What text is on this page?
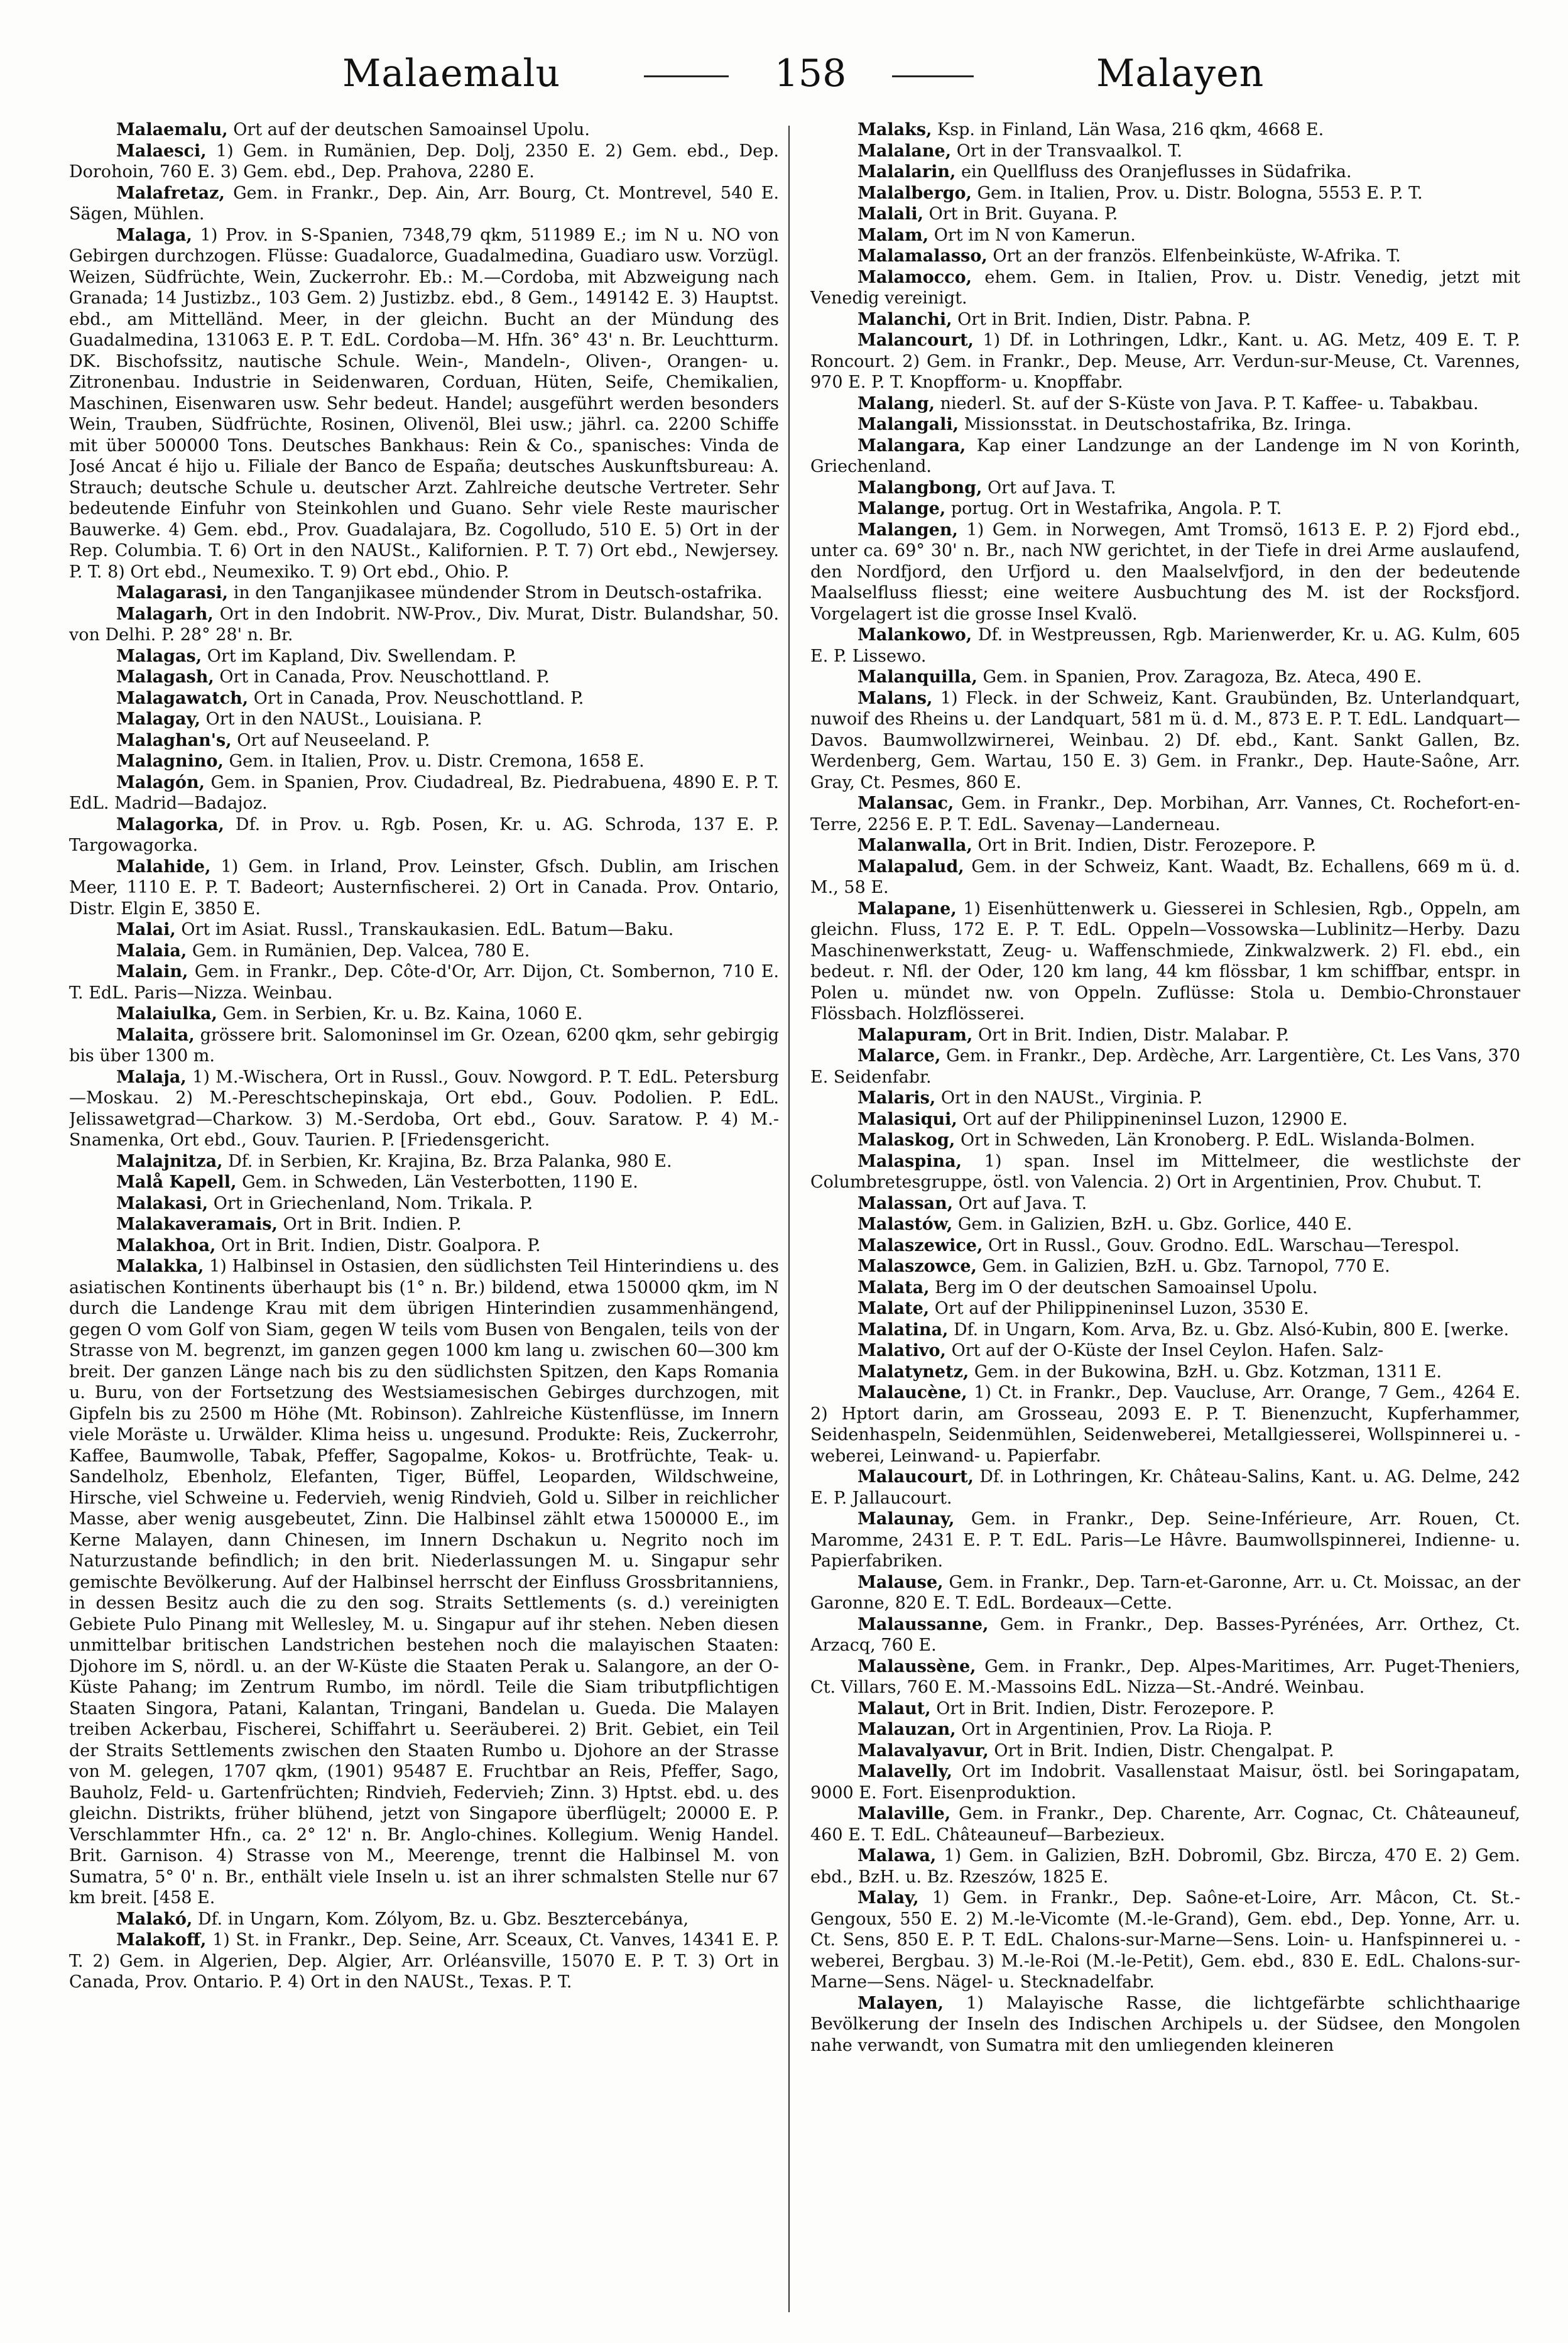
Malaemalu	158	Malayen

Malaemalu, Ort auf der deutschen Samoainsel Upolu.

Malaesci, 1) Gem. in Rumänien, Dep. Dolj, 2350 E. 2) Gem. ebd., Dep. Dorohoin, 760 E. 3) Gem. ebd., Dep. Prahova, 2280 E.

Malafretaz, Gem. in Frankr., Dep. Ain, Arr. Bourg, Ct. Montrevel, 540 E. Sägen, Mühlen.

Malaga, 1) Prov. in S-Spanien, 7348,79 qkm, 511989 E.; im N u. NO von Gebirgen durchzogen. Flüsse: Guadalorce, Guadalmedina, Guadiaro usw. Vorzügl. Weizen, Südfrüchte, Wein, Zuckerrohr. Eb.: M.—Cordoba, mit Abzweigung nach Granada; 14 Justizbz., 103 Gem. 2) Justizbz. ebd., 8 Gem., 149142 E. 3) Hauptst. ebd., am Mittelländ. Meer, in der gleichn. Bucht an der Mündung des Guadalmedina, 131063 E. P. T. EdL. Cordoba—M. Hfn. 36° 43' n. Br. Leuchtturm. DK. Bischofssitz, nautische Schule. Wein-, Mandeln-, Oliven-, Orangen- u. Zitronenbau. Industrie in Seidenwaren, Corduan, Hüten, Seife, Chemikalien, Maschinen, Eisenwaren usw. Sehr bedeut. Handel; ausgeführt werden besonders Wein, Trauben, Südfrüchte, Rosinen, Olivenöl, Blei usw.; jährl. ca. 2200 Schiffe mit über 500000 Tons. Deutsches Bankhaus: Rein & Co., spanisches: Vinda de José Ancat é hijo u. Filiale der Banco de España; deutsches Auskunftsbureau: A. Strauch; deutsche Schule u. deutscher Arzt. Zahlreiche deutsche Vertreter. Sehr bedeutende Einfuhr von Steinkohlen und Guano. Sehr viele Reste maurischer Bauwerke. 4) Gem. ebd., Prov. Guadalajara, Bz. Cogolludo, 510 E. 5) Ort in der Rep. Columbia. T. 6) Ort in den NAUSt., Kalifornien. P. T. 7) Ort ebd., Newjersey. P. T. 8) Ort ebd., Neumexiko. T. 9) Ort ebd., Ohio. P.

Malagarasi, in den Tanganjikasee mündender Strom in Deutsch-ostafrika.

Malagarh, Ort in den Indobrit. NW-Prov., Div. Murat, Distr. Bulandshar, 50. von Delhi. P. 28° 28' n. Br.

Malagas, Ort im Kapland, Div. Swellendam. P.

Malagash, Ort in Canada, Prov. Neuschottland. P.

Malagawatch, Ort in Canada, Prov. Neuschottland. P.

Malagay, Ort in den NAUSt., Louisiana. P.

Malaghan's, Ort auf Neuseeland. P.

Malagnino, Gem. in Italien, Prov. u. Distr. Cremona, 1658 E.

Malagón, Gem. in Spanien, Prov. Ciudadreal, Bz. Piedrabuena, 4890 E. P. T. EdL. Madrid—Badajoz.

Malagorka, Df. in Prov. u. Rgb. Posen, Kr. u. AG. Schroda, 137 E. P. Targowagorka.

Malahide, 1) Gem. in Irland, Prov. Leinster, Gfsch. Dublin, am Irischen Meer, 1110 E. P. T. Badeort; Austernfischerei. 2) Ort in Canada. Prov. Ontario, Distr. Elgin E, 3850 E.

Malai, Ort im Asiat. Russl., Transkaukasien. EdL. Batum—Baku.

Malaia, Gem. in Rumänien, Dep. Valcea, 780 E.

Malain, Gem. in Frankr., Dep. Côte-d'Or, Arr. Dijon, Ct. Sombernon, 710 E. T. EdL. Paris—Nizza. Weinbau.

Malaiulka, Gem. in Serbien, Kr. u. Bz. Kaina, 1060 E.

Malaita, grössere brit. Salomoninsel im Gr. Ozean, 6200 qkm, sehr gebirgig bis über 1300 m.

Malaja, 1) M.-Wischera, Ort in Russl., Gouv. Nowgord. P. T. EdL. Petersburg—Moskau. 2) M.-Pereschtschepinskaja, Ort ebd., Gouv. Podolien. P. EdL. Jelissawetgrad—Charkow. 3) M.-Serdoba, Ort ebd., Gouv. Saratow. P. 4) M.-Snamenka, Ort ebd., Gouv. Taurien. P. [Friedensgericht.

Malajnitza, Df. in Serbien, Kr. Krajina, Bz. Brza Palanka, 980 E.

Malå Kapell, Gem. in Schweden, Län Vesterbotten, 1190 E.

Malakasi, Ort in Griechenland, Nom. Trikala. P.

Malakaveramais, Ort in Brit. Indien. P.

Malakhoa, Ort in Brit. Indien, Distr. Goalpora. P.

Malakka, 1) Halbinsel in Ostasien, den südlichsten Teil Hinterindiens u. des asiatischen Kontinents überhaupt bis (1° n. Br.) bildend, etwa 150000 qkm, im N durch die Landenge Krau mit dem übrigen Hinterindien zusammenhängend, gegen O vom Golf von Siam, gegen W teils vom Busen von Bengalen, teils von der Strasse von M. begrenzt, im ganzen gegen 1000 km lang u. zwischen 60—300 km breit. Der ganzen Länge nach bis zu den südlichsten Spitzen, den Kaps Romania u. Buru, von der Fortsetzung des Westsiamesischen Gebirges durchzogen, mit Gipfeln bis zu 2500 m Höhe (Mt. Robinson). Zahlreiche Küstenflüsse, im Innern viele Moräste u. Urwälder. Klima heiss u. ungesund. Produkte: Reis, Zuckerrohr, Kaffee, Baumwolle, Tabak, Pfeffer, Sagopalme, Kokos- u. Brotfrüchte, Teak- u. Sandelholz, Ebenholz, Elefanten, Tiger, Büffel, Leoparden, Wildschweine, Hirsche, viel Schweine u. Federvieh, wenig Rindvieh, Gold u. Silber in reichlicher Masse, aber wenig ausgebeutet, Zinn. Die Halbinsel zählt etwa 1500000 E., im Kerne Malayen, dann Chinesen, im Innern Dschakun u. Negrito noch im Naturzustande befindlich; in den brit. Niederlassungen M. u. Singapur sehr gemischte Bevölkerung. Auf der Halbinsel herrscht der Einfluss Grossbritanniens, in dessen Besitz auch die zu den sog. Straits Settlements (s. d.) vereinigten Gebiete Pulo Pinang mit Wellesley, M. u. Singapur auf ihr stehen. Neben diesen unmittelbar britischen Landstrichen bestehen noch die malayischen Staaten: Djohore im S, nördl. u. an der W-Küste die Staaten Perak u. Salangore, an der O-Küste Pahang; im Zentrum Rumbo, im nördl. Teile die Siam tributpflichtigen Staaten Singora, Patani, Kalantan, Tringani, Bandelan u. Gueda. Die Malayen treiben Ackerbau, Fischerei, Schiffahrt u. Seeräuberei. 2) Brit. Gebiet, ein Teil der Straits Settlements zwischen den Staaten Rumbo u. Djohore an der Strasse von M. gelegen, 1707 qkm, (1901) 95487 E. Fruchtbar an Reis, Pfeffer, Sago, Bauholz, Feld- u. Gartenfrüchten; Rindvieh, Federvieh; Zinn. 3) Hptst. ebd. u. des gleichn. Distrikts, früher blühend, jetzt von Singapore überflügelt; 20000 E. P. Verschlammter Hfn., ca. 2° 12' n. Br. Anglo-chines. Kollegium. Wenig Handel. Brit. Garnison. 4) Strasse von M., Meerenge, trennt die Halbinsel M. von Sumatra, 5° 0' n. Br., enthält viele Inseln u. ist an ihrer schmalsten Stelle nur 67 km breit. [458 E.

Malakó, Df. in Ungarn, Kom. Zólyom, Bz. u. Gbz. Besztercebánya,

Malakoff, 1) St. in Frankr., Dep. Seine, Arr. Sceaux, Ct. Vanves, 14341 E. P. T. 2) Gem. in Algerien, Dep. Algier, Arr. Orléansville, 15070 E. P. T. 3) Ort in Canada, Prov. Ontario. P. 4) Ort in den NAUSt., Texas. P. T.

Malaks, Ksp. in Finland, Län Wasa, 216 qkm, 4668 E.

Malalane, Ort in der Transvaalkol. T.

Malalarin, ein Quellfluss des Oranjeflusses in Südafrika.

Malalbergo, Gem. in Italien, Prov. u. Distr. Bologna, 5553 E. P. T.

Malali, Ort in Brit. Guyana. P.

Malam, Ort im N von Kamerun.

Malamalasso, Ort an der französ. Elfenbeinküste, W-Afrika. T.

Malamocco, ehem. Gem. in Italien, Prov. u. Distr. Venedig, jetzt mit Venedig vereinigt.

Malanchi, Ort in Brit. Indien, Distr. Pabna. P.

Malancourt, 1) Df. in Lothringen, Ldkr., Kant. u. AG. Metz, 409 E. T. P. Roncourt. 2) Gem. in Frankr., Dep. Meuse, Arr. Verdun-sur-Meuse, Ct. Varennes, 970 E. P. T. Knopfform- u. Knopffabr.

Malang, niederl. St. auf der S-Küste von Java. P. T. Kaffee- u. Tabakbau.

Malangali, Missionsstat. in Deutschostafrika, Bz. Iringa.

Malangara, Kap einer Landzunge an der Landenge im N von Korinth, Griechenland.

Malangbong, Ort auf Java. T.

Malange, portug. Ort in Westafrika, Angola. P. T.

Malangen, 1) Gem. in Norwegen, Amt Tromsö, 1613 E. P. 2) Fjord ebd., unter ca. 69° 30' n. Br., nach NW gerichtet, in der Tiefe in drei Arme auslaufend, den Nordfjord, den Urfjord u. den Maalselvfjord, in den der bedeutende Maalselfluss fliesst; eine weitere Ausbuchtung des M. ist der Rocksfjord. Vorgelagert ist die grosse Insel Kvalö.

Malankowo, Df. in Westpreussen, Rgb. Marienwerder, Kr. u. AG. Kulm, 605 E. P. Lissewo.

Malanquilla, Gem. in Spanien, Prov. Zaragoza, Bz. Ateca, 490 E.

Malans, 1) Fleck. in der Schweiz, Kant. Graubünden, Bz. Unterlandquart, nuwoif des Rheins u. der Landquart, 581 m ü. d. M., 873 E. P. T. EdL. Landquart—Davos. Baumwollzwirnerei, Weinbau. 2) Df. ebd., Kant. Sankt Gallen, Bz. Werdenberg, Gem. Wartau, 150 E. 3) Gem. in Frankr., Dep. Haute-Saône, Arr. Gray, Ct. Pesmes, 860 E.

Malansac, Gem. in Frankr., Dep. Morbihan, Arr. Vannes, Ct. Rochefort-en-Terre, 2256 E. P. T. EdL. Savenay—Landerneau.

Malanwalla, Ort in Brit. Indien, Distr. Ferozepore. P.

Malapalud, Gem. in der Schweiz, Kant. Waadt, Bz. Echallens, 669 m ü. d. M., 58 E.

Malapane, 1) Eisenhüttenwerk u. Giesserei in Schlesien, Rgb., Oppeln, am gleichn. Fluss, 172 E. P. T. EdL. Oppeln—Vossowska—Lublinitz—Herby. Dazu Maschinenwerkstatt, Zeug- u. Waffenschmiede, Zinkwalzwerk. 2) Fl. ebd., ein bedeut. r. Nfl. der Oder, 120 km lang, 44 km flössbar, 1 km schiffbar, entspr. in Polen u. mündet nw. von Oppeln. Zuflüsse: Stola u. Dembio-Chronstauer Flössbach. Holzflösserei.

Malapuram, Ort in Brit. Indien, Distr. Malabar. P.

Malarce, Gem. in Frankr., Dep. Ardèche, Arr. Largentière, Ct. Les Vans, 370 E. Seidenfabr.

Malaris, Ort in den NAUSt., Virginia. P.

Malasiqui, Ort auf der Philippineninsel Luzon, 12900 E.

Malaskog, Ort in Schweden, Län Kronoberg. P. EdL. Wislanda-Bolmen.

Malaspina, 1) span. Insel im Mittelmeer, die westlichste der Columbretesgruppe, östl. von Valencia. 2) Ort in Argentinien, Prov. Chubut. T.

Malassan, Ort auf Java. T.

Malastów, Gem. in Galizien, BzH. u. Gbz. Gorlice, 440 E.

Malaszewice, Ort in Russl., Gouv. Grodno. EdL. Warschau—Terespol.

Malaszowce, Gem. in Galizien, BzH. u. Gbz. Tarnopol, 770 E.

Malata, Berg im O der deutschen Samoainsel Upolu.

Malate, Ort auf der Philippineninsel Luzon, 3530 E.

Malatina, Df. in Ungarn, Kom. Arva, Bz. u. Gbz. Alsó-Kubin, 800 E. [werke.

Malativo, Ort auf der O-Küste der Insel Ceylon. Hafen. Salz-

Malatynetz, Gem. in der Bukowina, BzH. u. Gbz. Kotzman, 1311 E.

Malaucène, 1) Ct. in Frankr., Dep. Vaucluse, Arr. Orange, 7 Gem., 4264 E. 2) Hptort darin, am Grosseau, 2093 E. P. T. Bienenzucht, Kupferhammer, Seidenhaspeln, Seidenmühlen, Seidenweberei, Metallgiesserei, Wollspinnerei u. -weberei, Leinwand- u. Papierfabr.

Malaucourt, Df. in Lothringen, Kr. Château-Salins, Kant. u. AG. Delme, 242 E. P. Jallaucourt.

Malaunay, Gem. in Frankr., Dep. Seine-Inférieure, Arr. Rouen, Ct. Maromme, 2431 E. P. T. EdL. Paris—Le Hâvre. Baumwollspinnerei, Indienne- u. Papierfabriken.

Malause, Gem. in Frankr., Dep. Tarn-et-Garonne, Arr. u. Ct. Moissac, an der Garonne, 820 E. T. EdL. Bordeaux—Cette.

Malaussanne, Gem. in Frankr., Dep. Basses-Pyrénées, Arr. Orthez, Ct. Arzacq, 760 E.

Malaussène, Gem. in Frankr., Dep. Alpes-Maritimes, Arr. Puget-Theniers, Ct. Villars, 760 E. M.-Massoins EdL. Nizza—St.-André. Weinbau.

Malaut, Ort in Brit. Indien, Distr. Ferozepore. P.

Malauzan, Ort in Argentinien, Prov. La Rioja. P.

Malavalyavur, Ort in Brit. Indien, Distr. Chengalpat. P.

Malavelly, Ort im Indobrit. Vasallenstaat Maisur, östl. bei Soringapatam, 9000 E. Fort. Eisenproduktion.

Malaville, Gem. in Frankr., Dep. Charente, Arr. Cognac, Ct. Châteauneuf, 460 E. T. EdL. Châteauneuf—Barbezieux.

Malawa, 1) Gem. in Galizien, BzH. Dobromil, Gbz. Bircza, 470 E. 2) Gem. ebd., BzH. u. Bz. Rzeszów, 1825 E.

Malay, 1) Gem. in Frankr., Dep. Saône-et-Loire, Arr. Mâcon, Ct. St.-Gengoux, 550 E. 2) M.-le-Vicomte (M.-le-Grand), Gem. ebd., Dep. Yonne, Arr. u. Ct. Sens, 850 E. P. T. EdL. Chalons-sur-Marne—Sens. Loin- u. Hanfspinnerei u. -weberei, Bergbau. 3) M.-le-Roi (M.-le-Petit), Gem. ebd., 830 E. EdL. Chalons-sur-Marne—Sens. Nägel- u. Stecknadelfabr.

Malayen, 1) Malayische Rasse, die lichtgefärbte schlichthaarige Bevölkerung der Inseln des Indischen Archipels u. der Südsee, den Mongolen nahe verwandt, von Sumatra mit den umliegenden kleineren
